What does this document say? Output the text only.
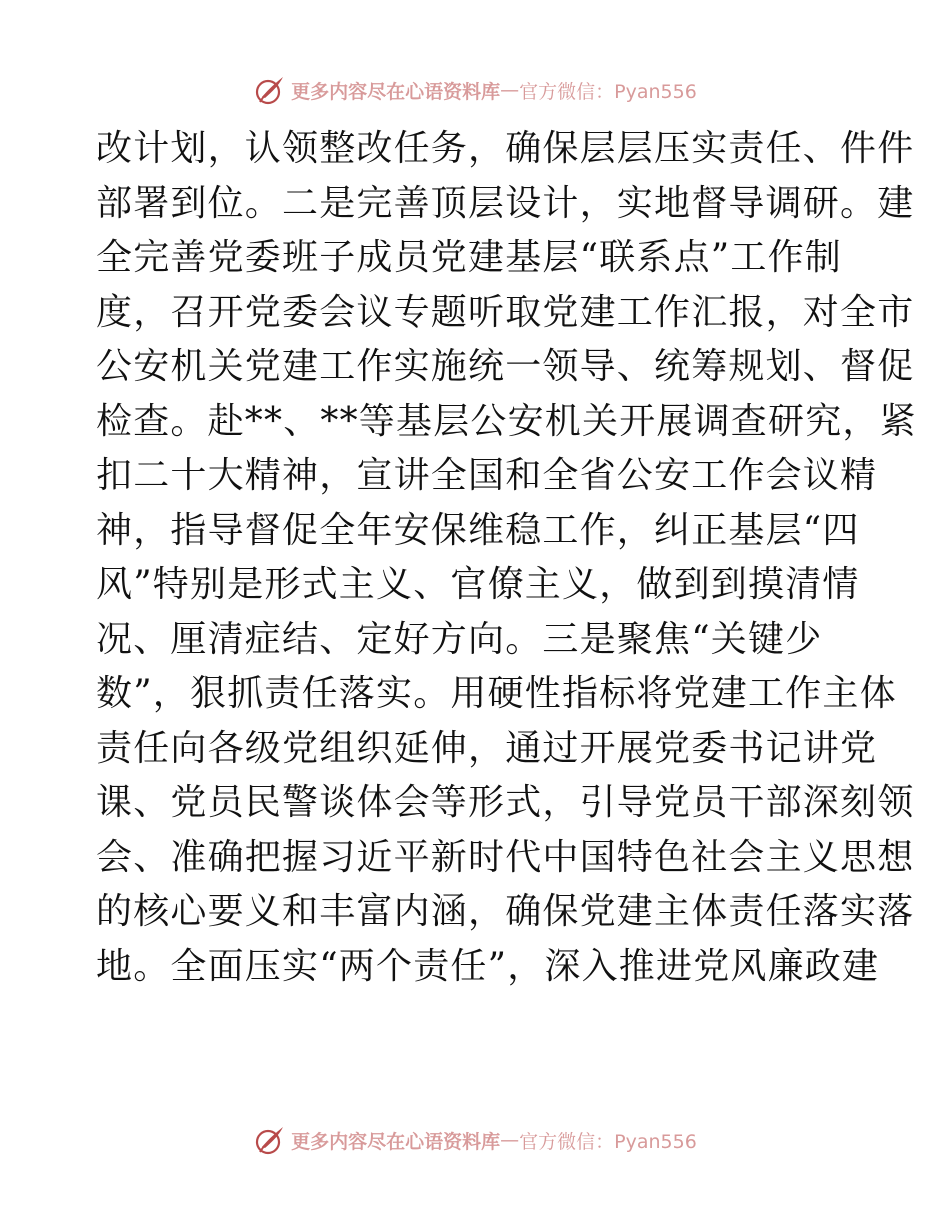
更多内容尽在心语资料库 — 官方微信：Pyan556
改计划，认领整改任务，确保层层压实责任、件件
部署到位。二是完善顶层设计，实地督导调研。建
全完善党委班子成员党建基层“联系点”工作制
度，召开党委会议专题听取党建工作汇报，对全市
公安机关党建工作实施统一领导、统筹规划、督促
检查。赴**、**等基层公安机关开展调查研究，紧
扣二十大精神，宣讲全国和全省公安工作会议精
神，指导督促全年安保维稳工作，纠正基层“四
风”特别是形式主义、官僚主义，做到到摸清情
况、厘清症结、定好方向。三是聚焦“关键少
数”，狠抓责任落实。用硬性指标将党建工作主体
责任向各级党组织延伸，通过开展党委书记讲党
课、党员民警谈体会等形式，引导党员干部深刻领
会、准确把握习近平新时代中国特色社会主义思想
的核心要义和丰富内涵，确保党建主体责任落实落
地。全面压实“两个责任”，深入推进党风廉政建
更多内容尽在心语资料库 — 官方微信：Pyan556
